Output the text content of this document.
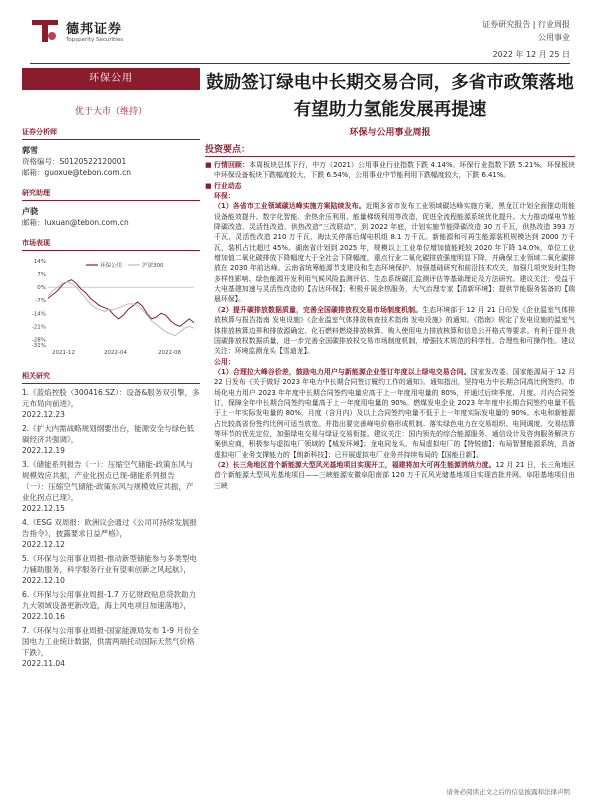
德邦证券
Topsperity Securities
证券研究报告 | 行业周报
公用事业
2022 年 12 月 25 日
环保公用
优于大市（维持）
证券分析师
郭雪
资格编号：S0120522120001
邮箱：guoxue@tebon.com.cn
研究助理
卢骁
邮箱：luxuan@tebon.com.cn
市场表现
14%
7%
0%
-7%
-14%
-21%
-28%
-31%
2021-12	2022-04	2022-08
环保公用	沪深300
相关研究
1.《蓝焰控股（300416.SZ）：设备&服务双引擎，多元布局向前进》，
2022.12.23
2.《扩大内需战略规划纲要出台，能源安全与绿色低碳经济共强调》，
2022.12.19
3.《储能系列报告（一）：压缩空气储能-政策东风与规模效应共振，产业化拐点已现-储能系列报告（一）：压缩空气储能-政策东风与规模效应共振，产业化拐点已现》，
2022.12.15
4.《ESG 双周报：欧洲议会通过《公司可持续发展报告指令》，披露要求日益严格》，
2022.12.12
5.《环保与公用事业周报-推动新型储能参与多类型电力辅助服务，科学服务行业有望乘创新之风起航》，
2022.12.10
6.《环保与公用事业周报-1.7 万亿财政贴息贷款助力九大领域设备更新改造，海上风电项目加速落地》，
2022.10.16
7.《环保与公用事业周报-国家能源局发布 1-9 月份全国电力工业统计数据，供需两端托动国际天然气价格下跌》，
2022.11.04
鼓励签订绿电中长期交易合同，多省市政策落地有望助力氢能发展再提速
环保与公用事业周报
投资要点：
■ 行情回顾：本周板块总体下行，中万（2021）公用事业行业指数下跌 4.14%。环保行业指数下跌 5.21%。环保板块中环保设备板块下跌幅度较大，下跌 6.54%，公用事业中节能利用下跌幅度较大，下跌 6.41%。
■ 行业动态
环保：
（1）各省市工业领域碳达峰实施方案陆续发布。近期多省市发布工业领域碳达峰实施方案，黑龙江计划全面推动用能设备能效提升、数字化智能、余热余压利用、能量梯级利用等改造，促进全流程能源系统优化提升。大力推动煤电节能降碳改造、灵活性改造、供热改造“三改联动”，到 2022 年底，计划实施节能降碳改造 30 万千瓦，供热改造 393 万千瓦，灵活性改造 210 万千瓦，淘汰关停落后煤电机组 8.1 万千瓦。新能源和可再生能源装机规模达到 2000 万千瓦，装机占比超过 45%。湖南省计划到 2025 年，规模以上工业单位增加值能耗较 2020 年下降 14.0%，单位工业增加值二氧化碳排放下降幅度大于全社会下降幅度，重点行业二氧化碳排放强度明显下降，并确保工业领域二氧化碳排放在 2030 年前达峰。云南省统筹能源节支建设和生态环境保护。加强基础研究和前沿技术攻关，加强几项突发时生物多样性影响、绿色能源开发利用气候风险监测评估、生态系统碳汇监测评估等基础理论及方法研究。建议关注：受益于大电基建加速与灵活性改造的【吉达环保】；积极开展余热服务，大气治理专家【清新环境】；提供节能服务装备的【瑞晨环保】。
（2）提升碳排放数据质量，完善全国碳排放权交易市场制度机制。生态环境部于 12 月 21 日印发《企业温室气体排放核算与报告指南 发电设施》《企业温室气体排放核查技术指南 发电设施》的通知。《指南》规定了发电设施的温室气体排放核算边界和排放源确定、化石燃料燃烧排放核算、购入使用电力排放核算和信息公开格式等要求。有利于提升我国碳排放权数据质量，进一步完善全国碳排放权交易市场制度机制，增强技术规范的科学性、合理性和可操作性。建议关注：环境监测龙头【雪迪龙】。
公用：
（1）合理拉大峰谷价差，鼓励电力用户与新能源企业签订年度以上绿电交易合同。国家发改委、国家能源局于 12 月 22 日发布《关于做好 2023 年电力中长期合同签订履约工作的通知》。通知指出，坚持电力中长期合同高比例签约。市场化电力用户 2023 年年度中长期合同签约电量应高于上一年度用电量的 80%，并通过后续季度、月度、月内合同签订，保障全年中长期合同签约电量高于上一年度用电量的 90%。燃煤发电企业 2023 年年度中长期合同签约电量不低于上一年实际发电量的 80%，月度（含月内）及以上合同签约电量不低于上一年度实际发电量的 90%。水电和新能源占比较高省份签约比例可适当放宽。并指出要完善峰电价格形成机制。落实绿色电力在交易组织、电网调度、交易结算等环节的优先定位，加强绿电交易与绿证交易衔接。建议关注：国内领先的综合能源服务、通信设计及咨询服务解决方案供应商，积极参与虚拟电厂领域的【城发环境】；龙电同龙头、布局虚拟电厂的【特锐德】；布局智慧能源系统，具备虚拟电厂业务支撑能力的【朗新科技】；已开展虚拟电厂业务并持续布局的【国能日新】。
（2）长三角地区首个新能源大型风光基地项目实现开工，福建将加大可再生能源消纳力度。12 月 21 日，长三角地区首个新能源大型风光基地项目——三峡能源安徽阜阳南部 120 万千瓦风光储基地项目实现首批并网。阜阳基地项目由三峡
请务必阅读正文之后的信息披露和法律声明
